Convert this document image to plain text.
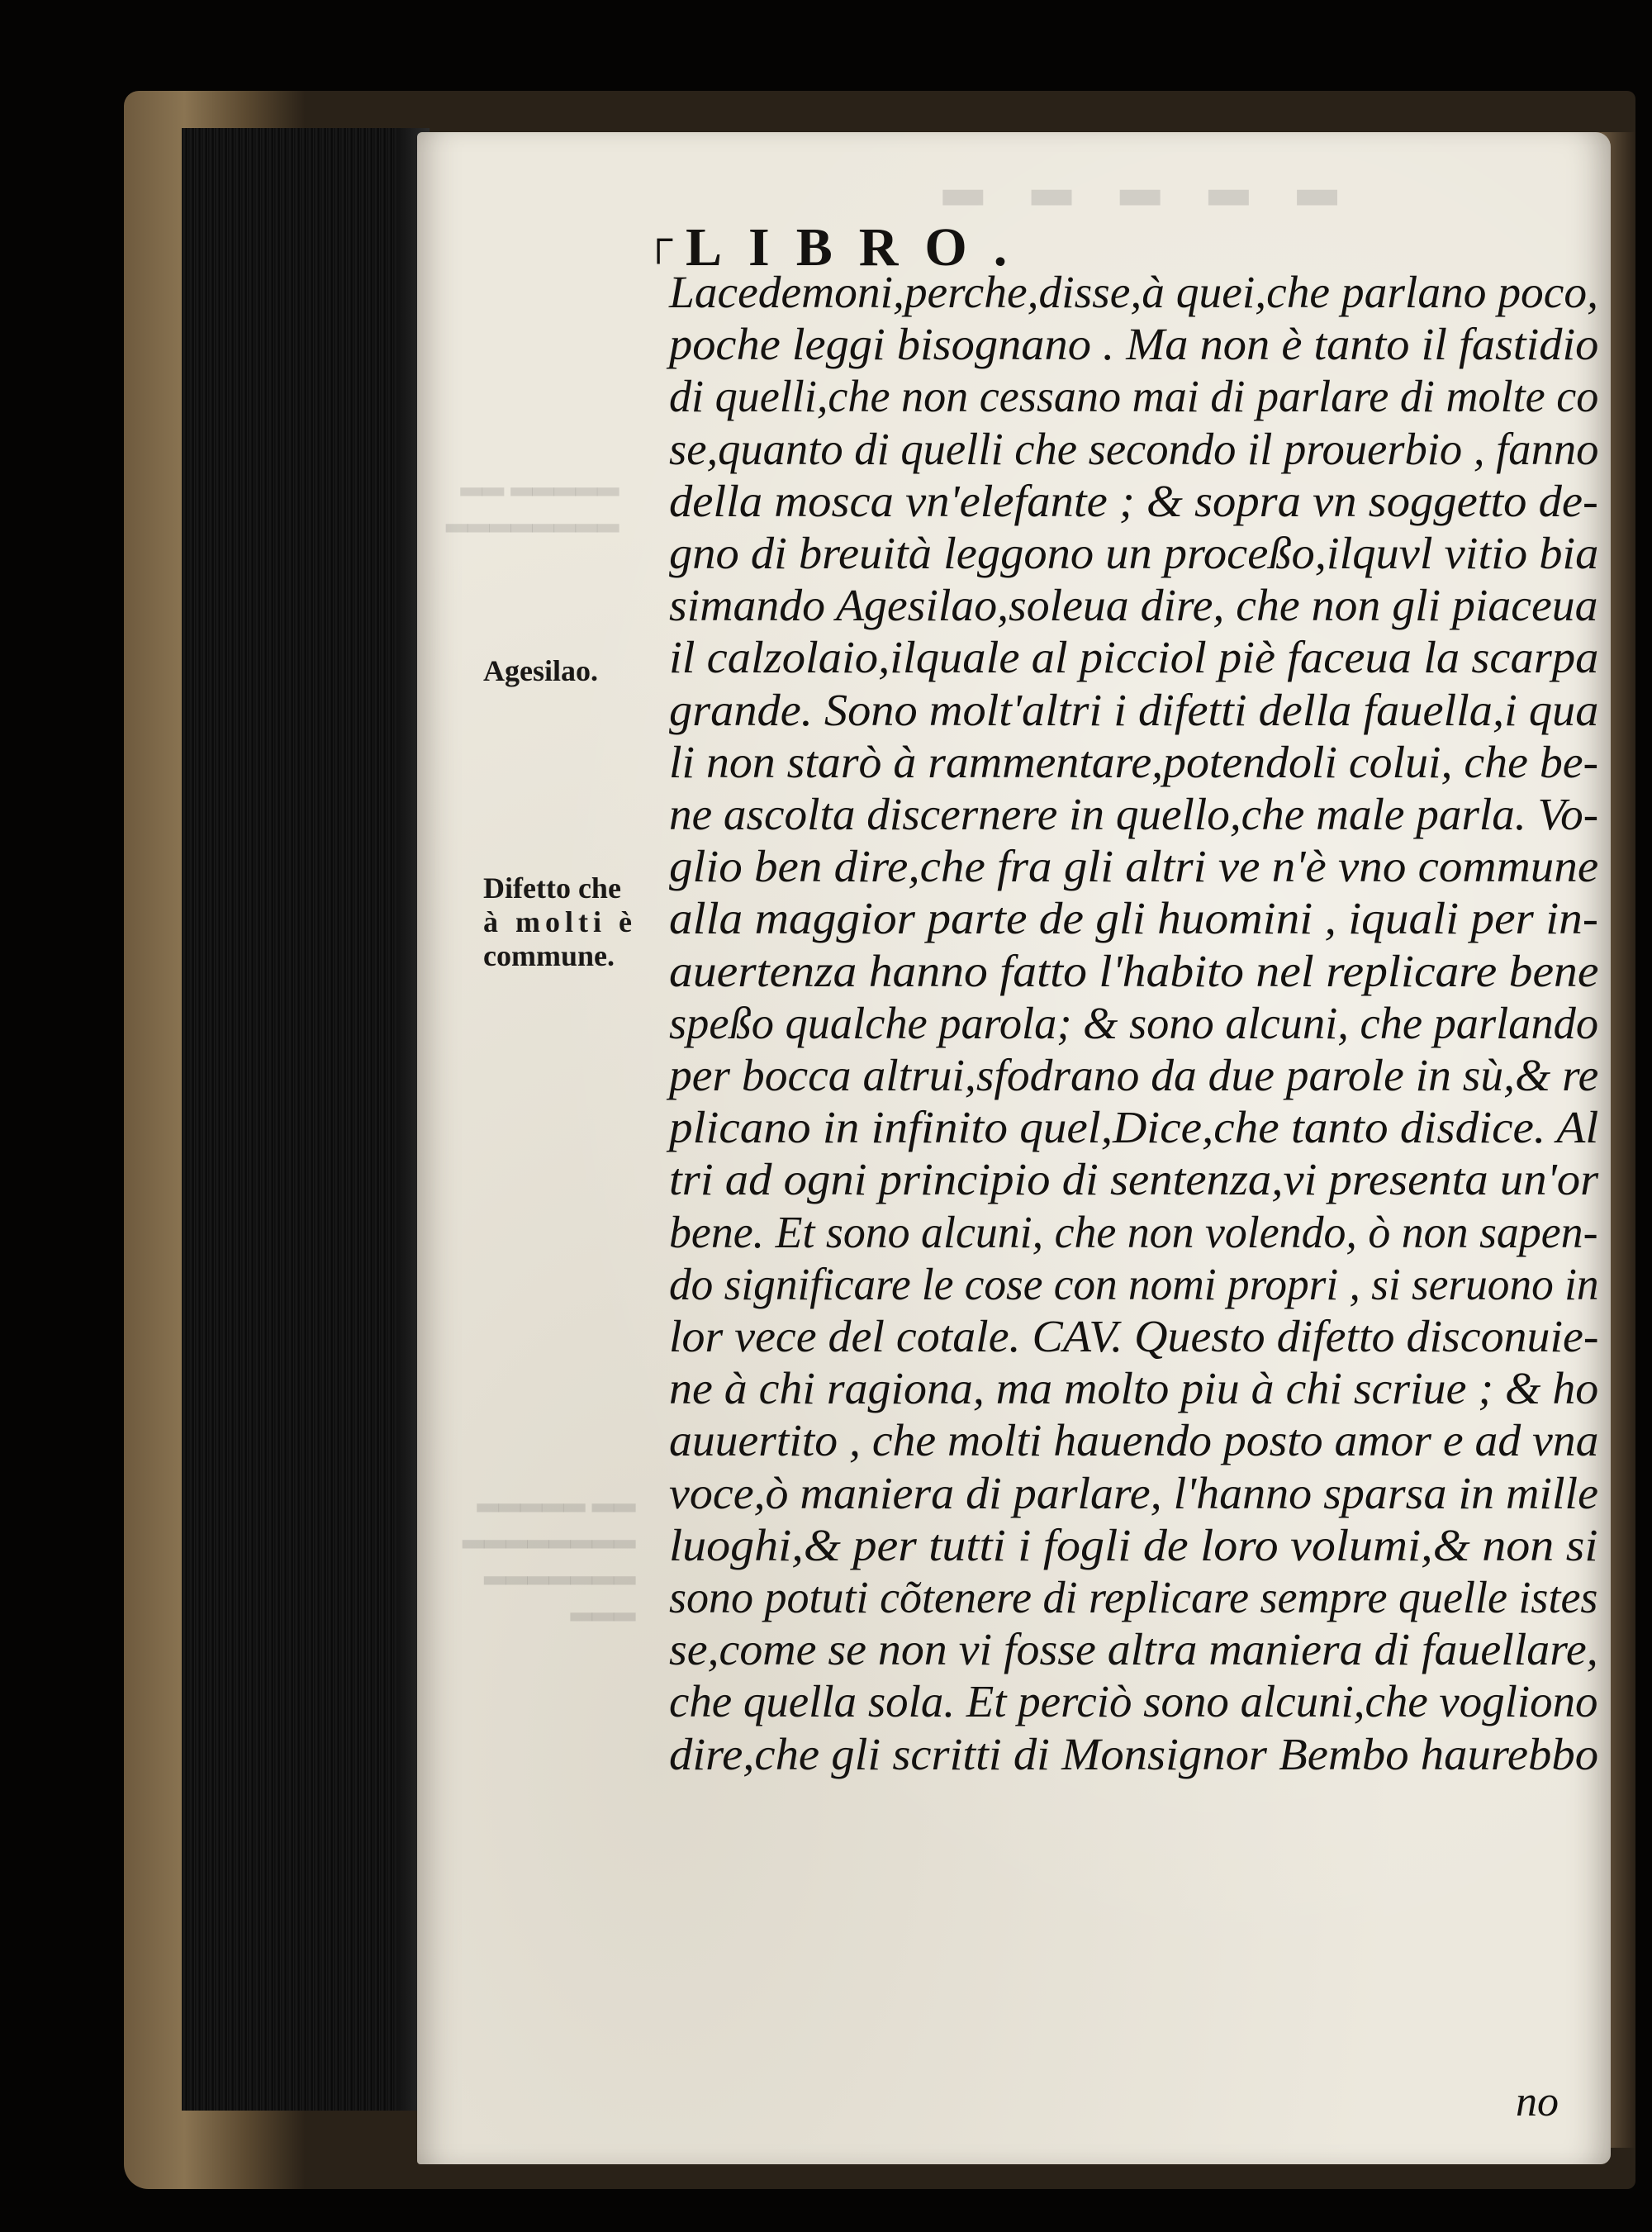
▂▂▂▂▂ ▂▂
▂▂▂▂▂▂▂▂
▂▂ ▂▂▂▂▂
▂▂▂▂▂▂▂▂
▂▂▂▂▂▂▂
▂▂▂
▂ ▂ ▂ ▂ ▂
┌ LIBRO.
Lacedemoni,perche,disse,à quei,che parlano poco,
poche leggi bisognano . Ma non è tanto il fastidio
di quelli,che non cessano mai di parlare di molte co
se,quanto di quelli che secondo il prouerbio , fanno
della mosca vn'elefante ; & sopra vn soggetto de-
gno di breuità leggono un proceßo,ilquvl vitio bia
simando Agesilao,soleua dire, che non gli piaceua
il calzolaio,ilquale al picciol piè faceua la scarpa
grande. Sono molt'altri i difetti della fauella,i qua
li non starò à rammentare,potendoli colui, che be-
ne ascolta discernere in quello,che male parla. Vo-
glio ben dire,che fra gli altri ve n'è vno commune
alla maggior parte de gli huomini , iquali per in-
auertenza hanno fatto l'habito nel replicare bene
speßo qualche parola; & sono alcuni, che parlando
per bocca altrui,sfodrano da due parole in sù,& re
plicano in infinito quel,Dice,che tanto disdice. Al
tri ad ogni principio di sentenza,vi presenta un'or
bene. Et sono alcuni, che non volendo, ò non sapen-
do significare le cose con nomi propri , si seruono in
lor vece del cotale. CAV. Questo difetto disconuie-
ne à chi ragiona, ma molto piu à chi scriue ; & ho
auuertito , che molti hauendo posto amor e ad vna
voce,ò maniera di parlare, l'hanno sparsa in mille
luoghi,& per tutti i fogli de loro volumi,& non si
sono potuti cõtenere di replicare sempre quelle istes
se,come se non vi fosse altra maniera di fauellare,
che quella sola. Et perciò sono alcuni,che vogliono
dire,che gli scritti di Monsignor Bembo haurebbo
Agesilao.
Difetto che
à molti è
commune.
no
